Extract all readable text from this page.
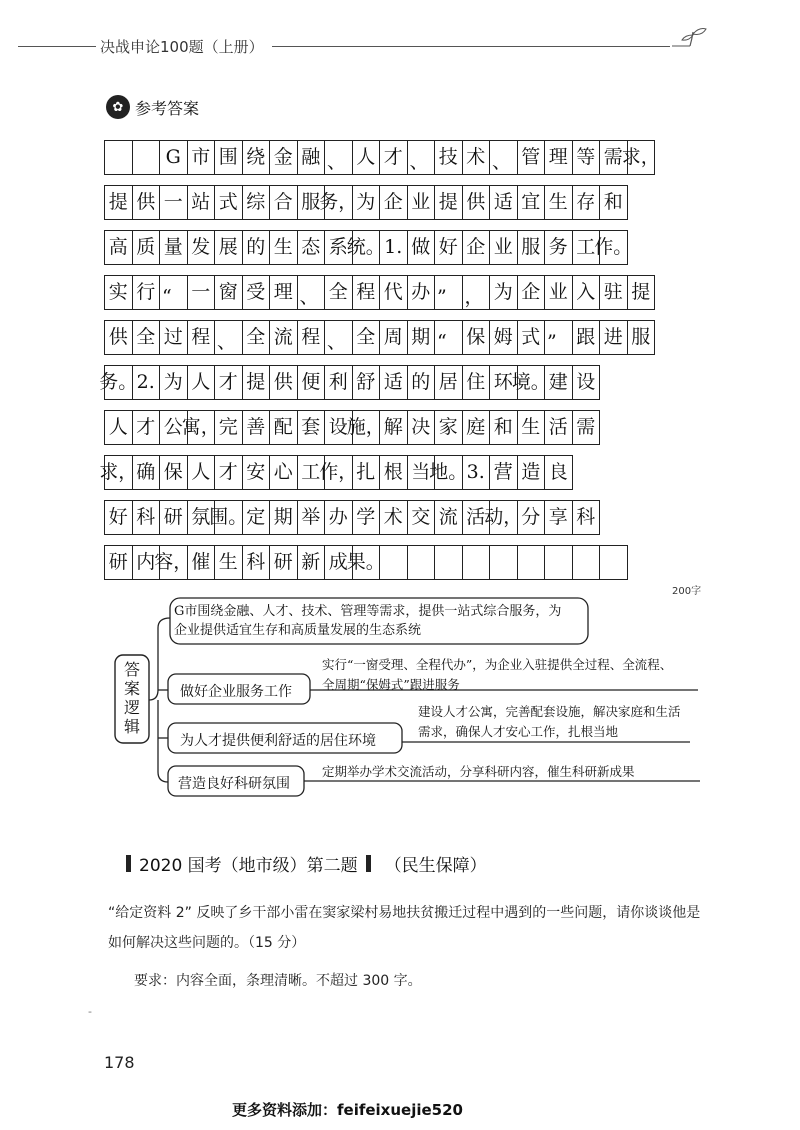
决战申论100题（上册）
✿ 参考答案
G 市 围 绕 金 融 、 人 才 、 技 术 、 管 理 等 需 求，
提 供 一 站 式 综 合 服 务，
为 企 业 提 供 适 宜 生 存 和
高 质 量 发 展 的 生 态 系 统。 1. 做 好 企 业 服 务 工 作。
实 行 “	一 窗 受 理 、 全 程 代 办 ” ， 为 企 业 入 驻 提
供 全 过 程 、 全 流 程 、 全 周 期 “	保 姆 式 ”	跟 进 服
务。 2. 为 人 才 提 供 便 利 舒 适 的 居 住 环 境。
建 设
人 才 公 寓，
完 善 配 套 设 施，
解 决 家 庭 和 生 活 需
求，
确 保 人 才 安 心 工 作，
扎 根 当 地。 3. 营 造 良
好 科 研 氛 围。
定 期 举 办 学 术 交 流 活 动，
分 享 科
研 内 容，
催 生 科 研 新 成 果。
200字
答
案
逻
辑
G市围绕金融、人才、技术、管理等需求，提供一站式综合服务，为企业提供适宜生存和高质量发展的生态系统
做好企业服务工作
为人才提供便利舒适的居住环境
营造良好科研氛围
实行“一窗受理、全程代办”，为企业入驻提供全过程、全流程、全周期“保姆式”跟进服务
建设人才公寓，完善配套设施，解决家庭和生活需求，确保人才安心工作，扎根当地
定期举办学术交流活动，分享科研内容，催生科研新成果
2020 国考（地市级）第二题 （民生保障）
“给定资料 2” 反映了乡干部小雷在窦家梁村易地扶贫搬迁过程中遇到的一些问题，请你谈谈他是如何解决这些问题的。（15 分）
要求：内容全面，条理清晰。不超过 300 字。
-
178
更多资料添加：feifeixuejie520
